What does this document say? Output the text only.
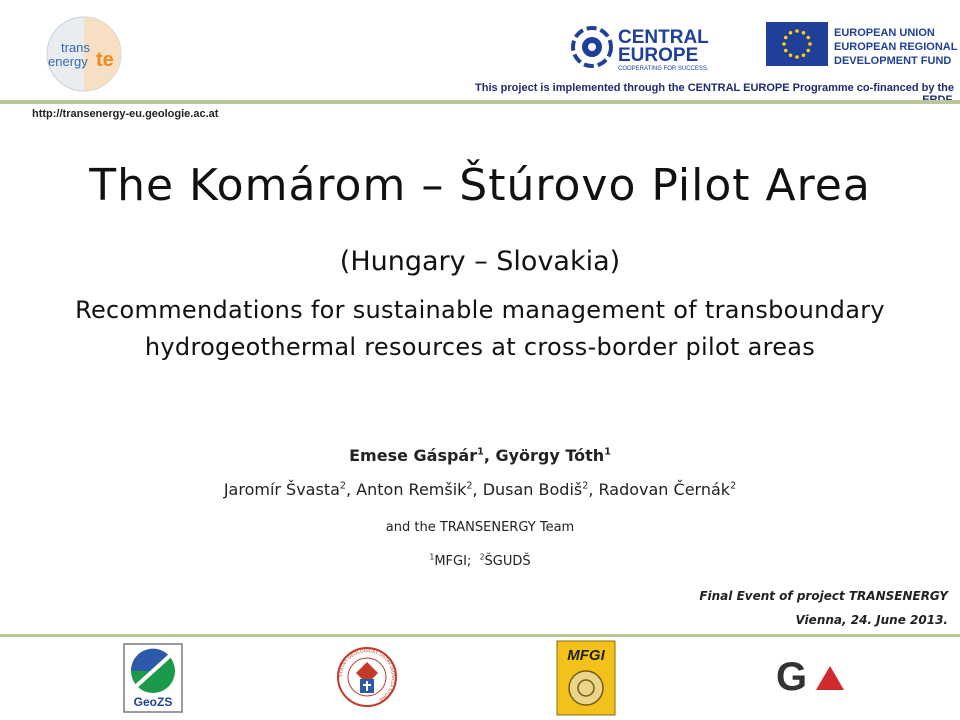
trans
energy te
CENTRAL
EUROPE
COOPERATING FOR SUCCESS.
EUROPEAN UNION
EUROPEAN REGIONAL
DEVELOPMENT FUND
This project is implemented through the CENTRAL EUROPE Programme co-financed by the
http://transenergy-eu.geologie.ac.at
The Komárom – Štúrovo Pilot Area
(Hungary – Slovakia)
Recommendations for sustainable management of transboundary
hydrogeothermal resources at cross-border pilot areas
Emese Gáspár$^1$, György Tóth$^1$
Jaromír Švasta$^2$, Anton Remšik$^2$, Dusan Bodiš$^2$, Radovan Černák$^2$
and the TRANSENERGY Team
$^1$MFGI; $^2$ŠGUDŠ
Final Event of project TRANSENERGY
Vienna, 24. June 2013.
GeoZS
ŠTÁTNY GEOLOGICKÝ ÚSTAV DIONÝZA ŠTÚRA
MFGI	G
